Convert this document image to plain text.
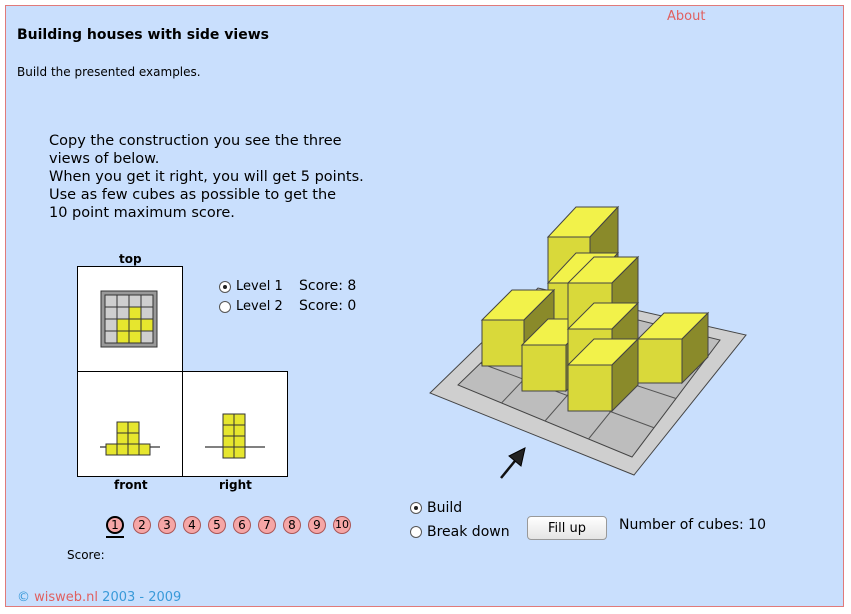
About
Building houses with side views
Build the presented examples.
Copy the construction you see the three
views of below.
When you get it right, you will get 5 points.
Use as few cubes as possible to get the
10 point maximum score.
top
front	right
Level 1 Score: 8
Level 2 Score: 0
1	2	3	4	5	6	7	8	9	10
Score:
Build
Break down	Fill up	Number of cubes: 10
© wisweb.nl 2003 - 2009
